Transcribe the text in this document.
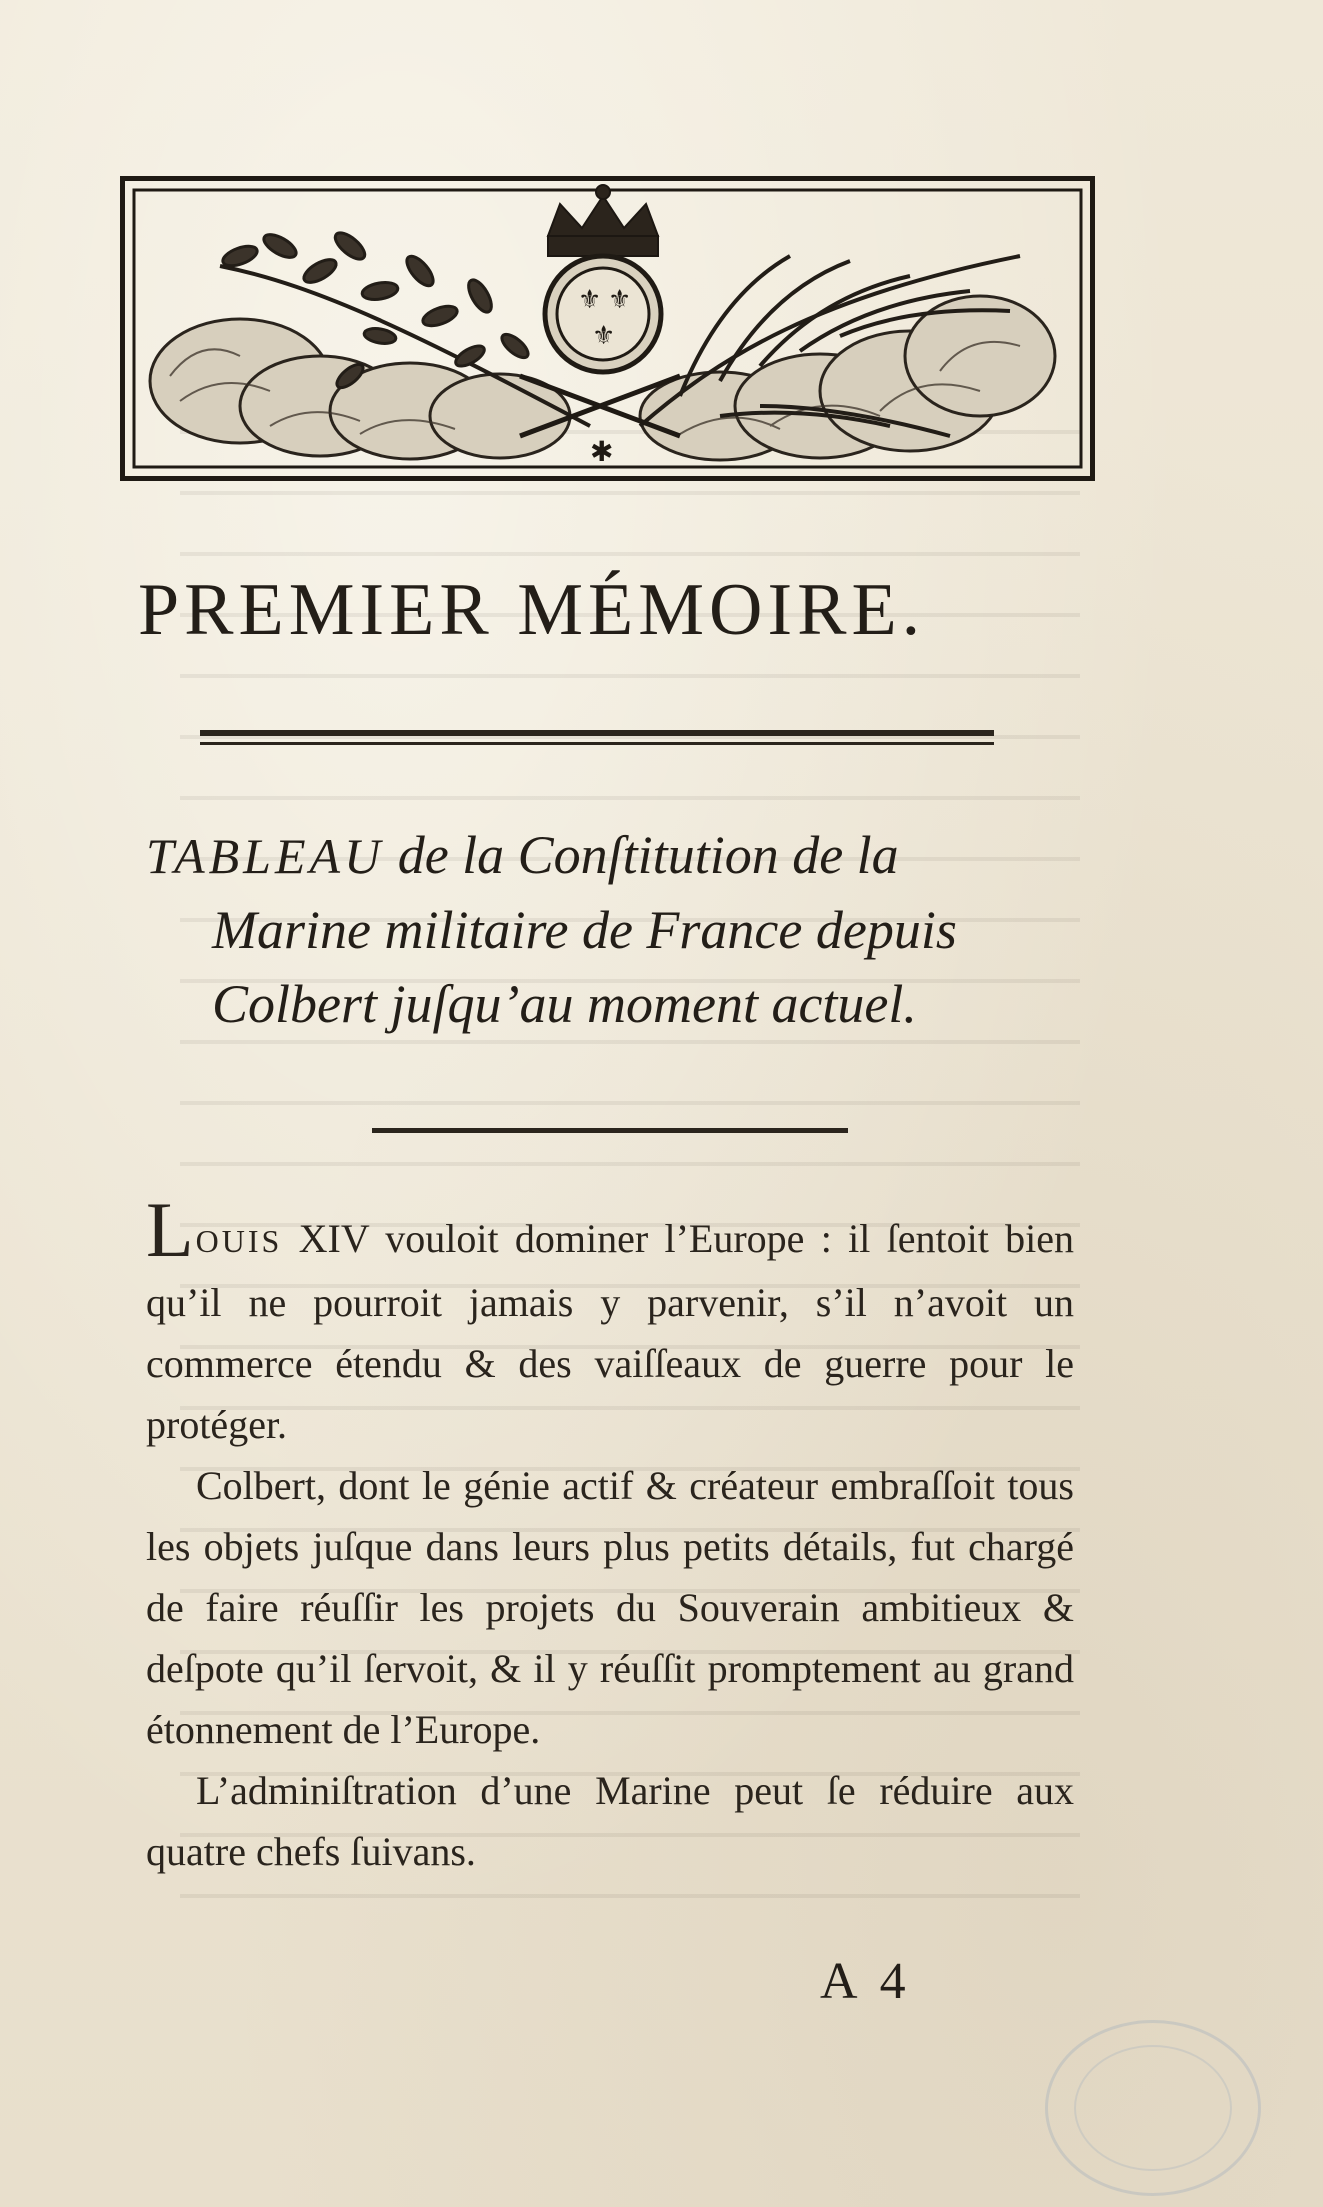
⚜ ⚜
⚜
✱
PREMIER MÉMOIRE.
TABLEAU de la Conſtitution de la
Marine militaire de France depuis
Colbert juſqu’au moment actuel.

LOUIS XIV vouloit dominer l’Europe : il ſentoit bien qu’il ne pourroit jamais y parvenir, s’il n’avoit un commerce étendu & des vaiſſeaux de guerre pour le protéger.

Colbert, dont le génie actif & créateur embraſſoit tous les objets juſque dans leurs plus petits détails, fut chargé de faire réuſſir les projets du Souverain ambitieux & deſpote qu’il ſervoit, & il y réuſſit promptement au grand étonnement de l’Europe.

L’adminiſtration d’une Marine peut ſe réduire aux quatre chefs ſuivans.

A 4
